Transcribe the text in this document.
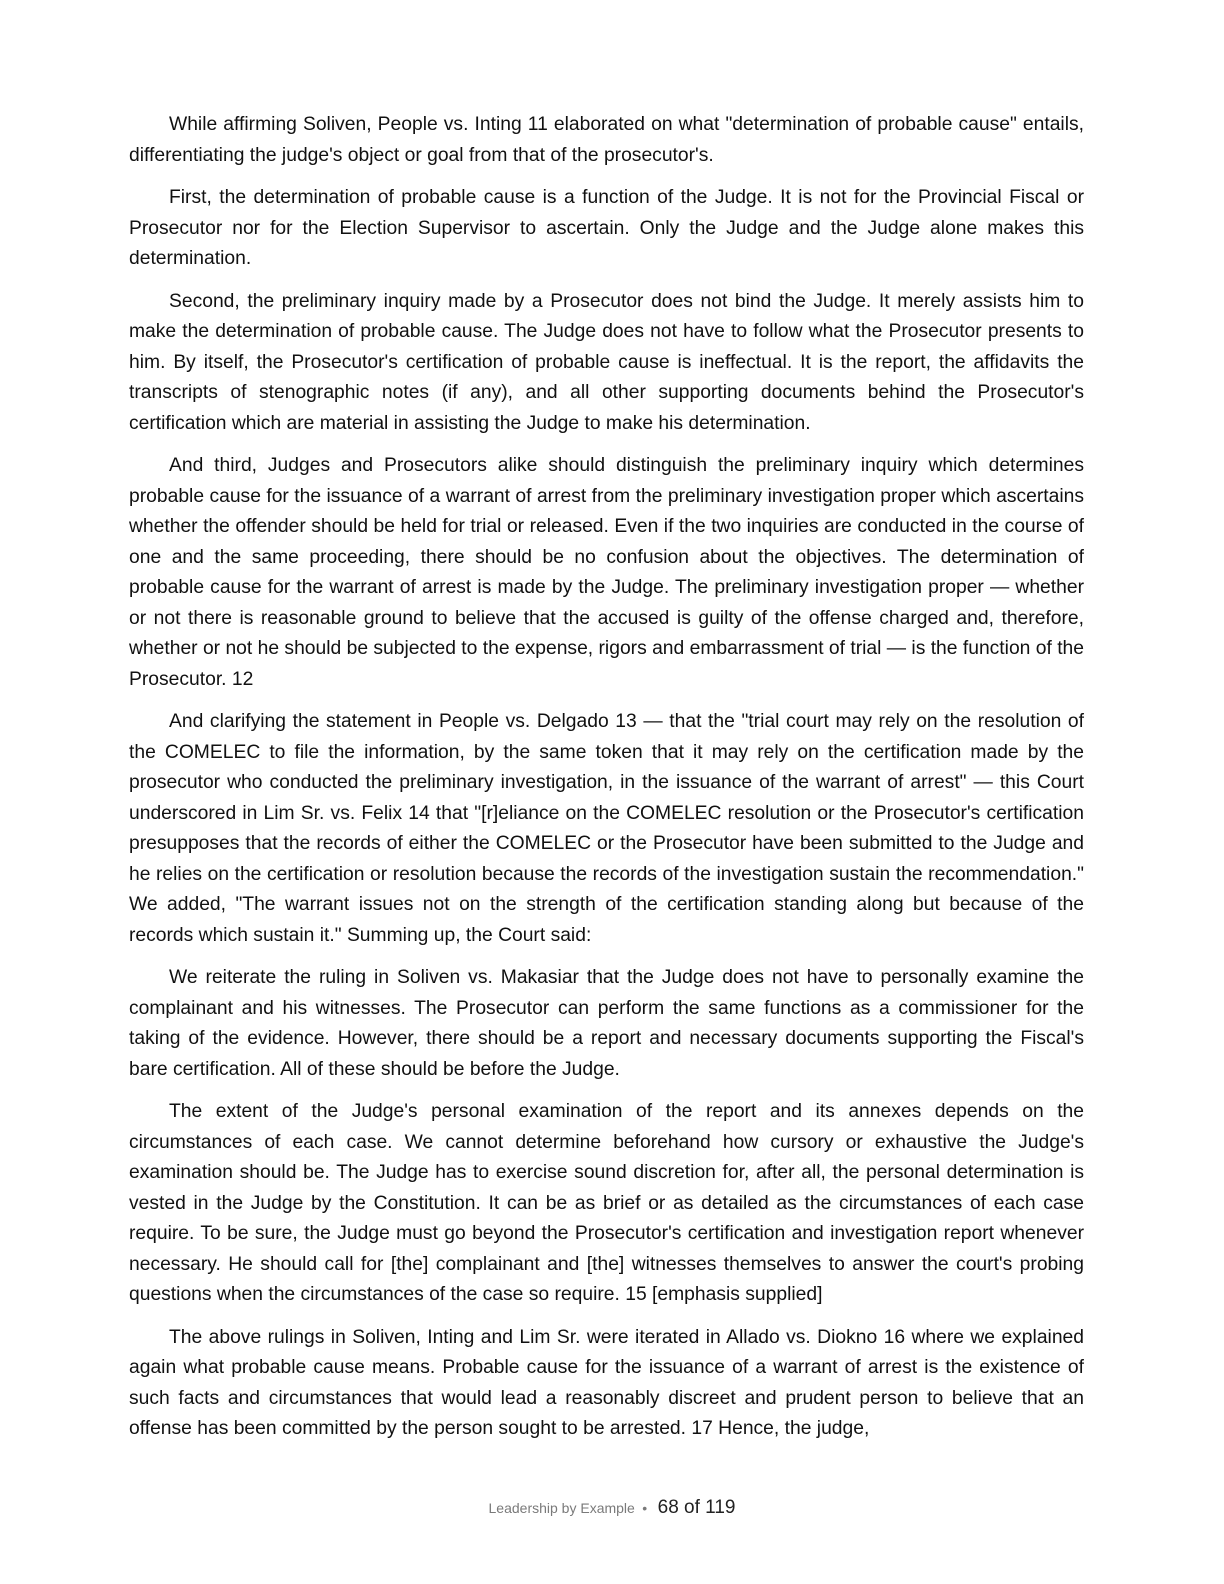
While affirming Soliven, People vs. Inting 11 elaborated on what "determination of probable cause" entails, differentiating the judge's object or goal from that of the prosecutor's.

First, the determination of probable cause is a function of the Judge. It is not for the Provincial Fiscal or Prosecutor nor for the Election Supervisor to ascertain. Only the Judge and the Judge alone makes this determination.

Second, the preliminary inquiry made by a Prosecutor does not bind the Judge. It merely assists him to make the determination of probable cause. The Judge does not have to follow what the Prosecutor presents to him. By itself, the Prosecutor's certification of probable cause is ineffectual. It is the report, the affidavits the transcripts of stenographic notes (if any), and all other supporting documents behind the Prosecutor's certification which are material in assisting the Judge to make his determination.

And third, Judges and Prosecutors alike should distinguish the preliminary inquiry which determines probable cause for the issuance of a warrant of arrest from the preliminary investigation proper which ascertains whether the offender should be held for trial or released. Even if the two inquiries are conducted in the course of one and the same proceeding, there should be no confusion about the objectives. The determination of probable cause for the warrant of arrest is made by the Judge. The preliminary investigation proper — whether or not there is reasonable ground to believe that the accused is guilty of the offense charged and, therefore, whether or not he should be subjected to the expense, rigors and embarrassment of trial — is the function of the Prosecutor. 12

And clarifying the statement in People vs. Delgado 13 — that the "trial court may rely on the resolution of the COMELEC to file the information, by the same token that it may rely on the certification made by the prosecutor who conducted the preliminary investigation, in the issuance of the warrant of arrest" — this Court underscored in Lim Sr. vs. Felix 14 that "[r]eliance on the COMELEC resolution or the Prosecutor's certification presupposes that the records of either the COMELEC or the Prosecutor have been submitted to the Judge and he relies on the certification or resolution because the records of the investigation sustain the recommendation." We added, "The warrant issues not on the strength of the certification standing along but because of the records which sustain it." Summing up, the Court said:

We reiterate the ruling in Soliven vs. Makasiar that the Judge does not have to personally examine the complainant and his witnesses. The Prosecutor can perform the same functions as a commissioner for the taking of the evidence. However, there should be a report and necessary documents supporting the Fiscal's bare certification. All of these should be before the Judge.

The extent of the Judge's personal examination of the report and its annexes depends on the circumstances of each case. We cannot determine beforehand how cursory or exhaustive the Judge's examination should be. The Judge has to exercise sound discretion for, after all, the personal determination is vested in the Judge by the Constitution. It can be as brief or as detailed as the circumstances of each case require. To be sure, the Judge must go beyond the Prosecutor's certification and investigation report whenever necessary. He should call for [the] complainant and [the] witnesses themselves to answer the court's probing questions when the circumstances of the case so require. 15 [emphasis supplied]

The above rulings in Soliven, Inting and Lim Sr. were iterated in Allado vs. Diokno 16 where we explained again what probable cause means. Probable cause for the issuance of a warrant of arrest is the existence of such facts and circumstances that would lead a reasonably discreet and prudent person to believe that an offense has been committed by the person sought to be arrested. 17 Hence, the judge,

Leadership by Example • 68 of 119
